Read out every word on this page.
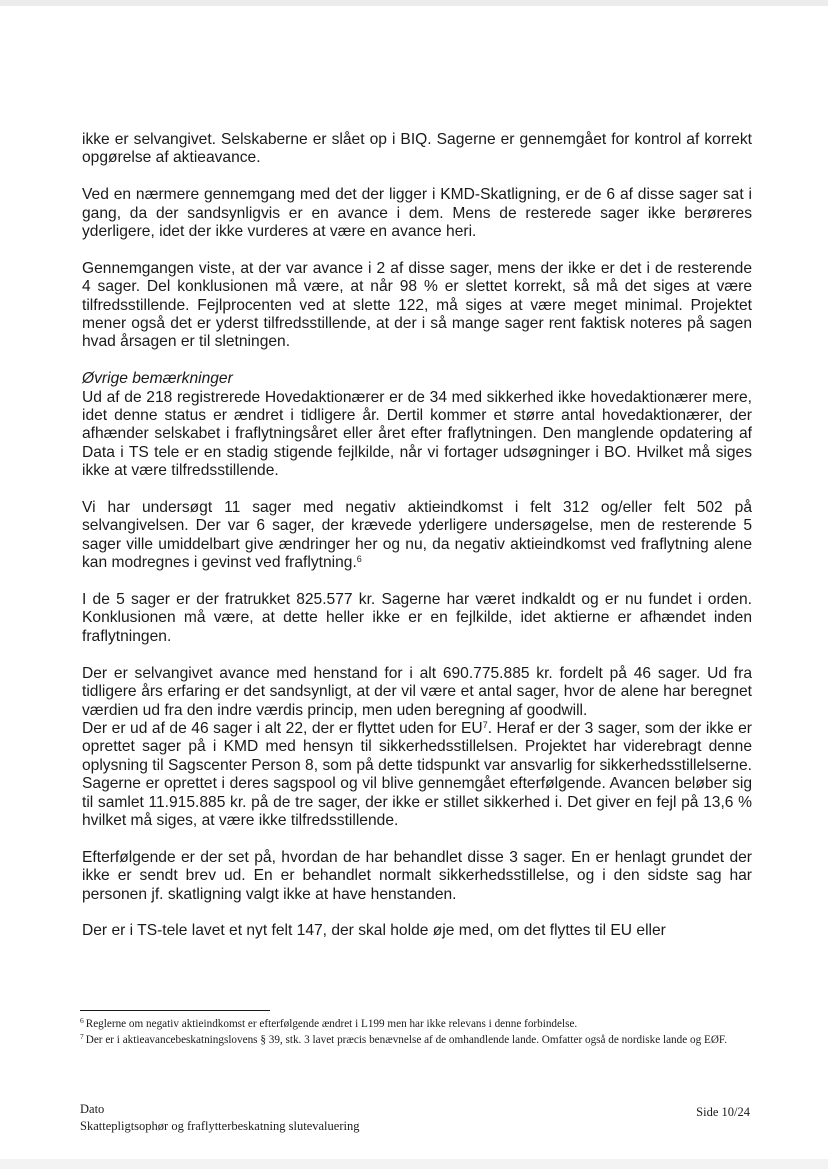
ikke er selvangivet. Selskaberne er slået op i BIQ. Sagerne er gennemgået for kontrol af korrekt opgørelse af aktieavance.

Ved en nærmere gennemgang med det der ligger i KMD-Skatligning, er de 6 af disse sager sat i gang, da der sandsynligvis er en avance i dem. Mens de resterede sager ikke berøreres yderligere, idet der ikke vurderes at være en avance heri.

Gennemgangen viste, at der var avance i 2 af disse sager, mens der ikke er det i de resterende 4 sager. Del konklusionen må være, at når 98 % er slettet korrekt, så må det siges at være tilfredsstillende. Fejlprocenten ved at slette 122, må siges at være meget minimal. Projektet mener også det er yderst tilfredsstillende, at der i så mange sager rent faktisk noteres på sagen hvad årsagen er til sletningen.

Øvrige bemærkninger

Ud af de 218 registrerede Hovedaktionærer er de 34 med sikkerhed ikke hovedaktionærer mere, idet denne status er ændret i tidligere år. Dertil kommer et større antal hovedaktionærer, der afhænder selskabet i fraflytningsåret eller året efter fraflytningen. Den manglende opdatering af Data i TS tele er en stadig stigende fejlkilde, når vi fortager udsøgninger i BO. Hvilket må siges ikke at være tilfredsstillende.

Vi har undersøgt 11 sager med negativ aktieindkomst i felt 312 og/eller felt 502 på selvangivelsen. Der var 6 sager, der krævede yderligere undersøgelse, men de resterende 5 sager ville umiddelbart give ændringer her og nu, da negativ aktieindkomst ved fraflytning alene kan modregnes i gevinst ved fraflytning.$^6$

I de 5 sager er der fratrukket 825.577 kr. Sagerne har været indkaldt og er nu fundet i orden. Konklusionen må være, at dette heller ikke er en fejlkilde, idet aktierne er afhændet inden fraflytningen.

Der er selvangivet avance med henstand for i alt 690.775.885 kr. fordelt på 46 sager. Ud fra tidligere års erfaring er det sandsynligt, at der vil være et antal sager, hvor de alene har beregnet værdien ud fra den indre værdis princip, men uden beregning af goodwill.

Der er ud af de 46 sager i alt 22, der er flyttet uden for $EU^7$. Heraf er der 3 sager, som der ikke er oprettet sager på i KMD med hensyn til sikkerhedsstillelsen. Projektet har viderebragt denne oplysning til Sagscenter Person 8, som på dette tidspunkt var ansvarlig for sikkerhedsstillelserne. Sagerne er oprettet i deres sagspool og vil blive gennemgået efterfølgende. Avancen beløber sig til samlet 11.915.885 kr. på de tre sager, der ikke er stillet sikkerhed i. Det giver en fejl på 13,6 % hvilket må siges, at være ikke tilfredsstillende.

Efterfølgende er der set på, hvordan de har behandlet disse 3 sager. En er henlagt grundet der ikke er sendt brev ud. En er behandlet normalt sikkerhedsstillelse, og i den sidste sag har personen jf. skatligning valgt ikke at have henstanden.

Der er i TS-tele lavet et nyt felt 147, der skal holde øje med, om det flyttes til EU eller

$^6$ Reglerne om negativ aktieindkomst er efterfølgende ændret i L199 men har ikke relevans i denne forbindelse.
$^7$ Der er i aktieavancebeskatningslovens § 39, stk. 3 lavet præcis benævnelse af de omhandlende lande. Omfatter også de nordiske lande og EØF.
Dato
Skattepligtsophør og fraflytterbeskatning slutevaluering
Side 10/24
